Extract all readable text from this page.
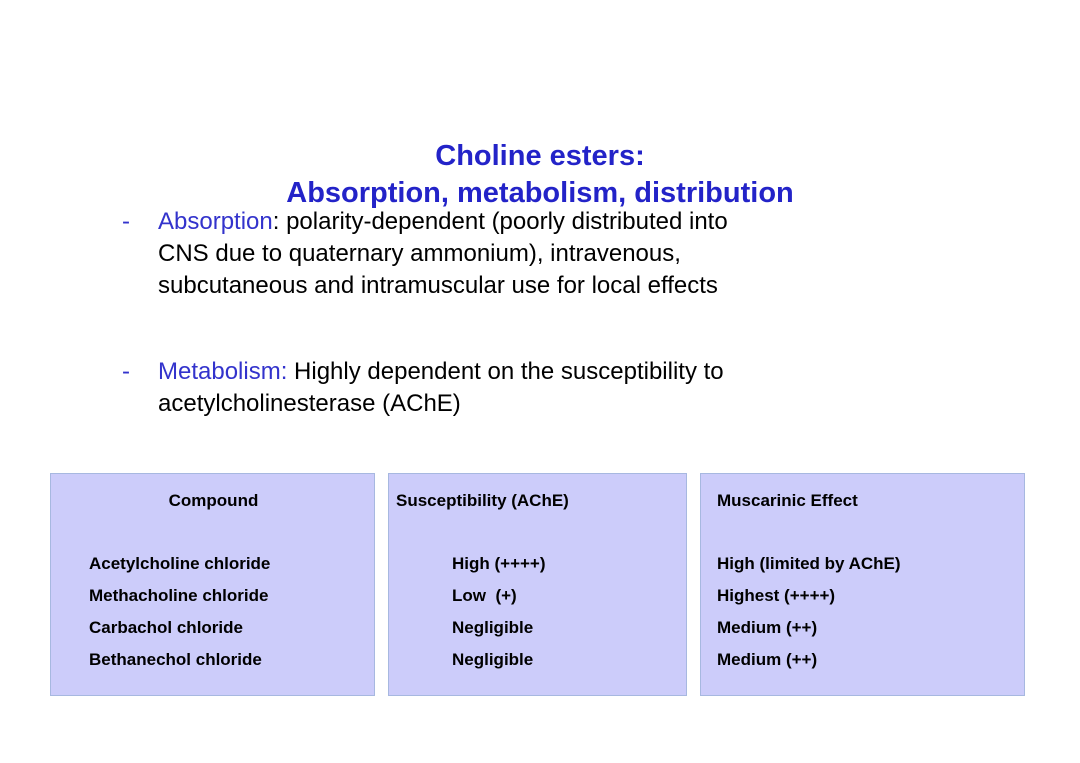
Choline esters:
Absorption, metabolism, distribution
- Absorption: polarity-dependent (poorly distributed into
CNS due to quaternary ammonium), intravenous,
subcutaneous and intramuscular use for local effects
- Metabolism: Highly dependent on the susceptibility to
acetylcholinesterase (AChE)
Compound
Acetylcholine chloride
Methacholine chloride
Carbachol chloride
Bethanechol chloride
Susceptibility (AChE)
High (++++)
Low  (+)
Negligible
Negligible
Muscarinic Effect
High (limited by AChE)
Highest (++++)
Medium (++)
Medium (++)
